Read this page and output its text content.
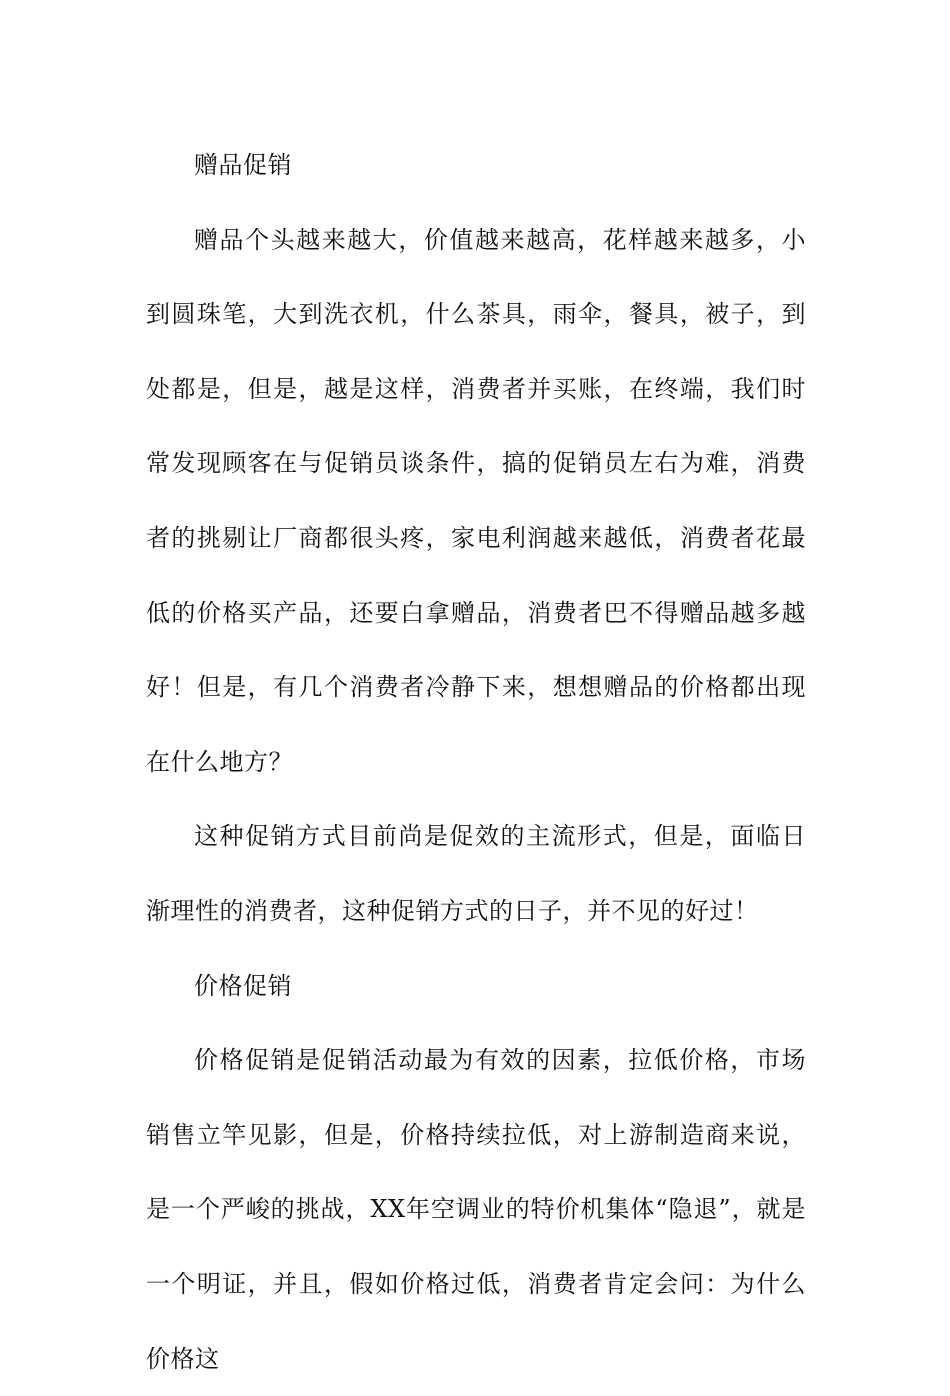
赠品促销

赠品个头越来越大，价值越来越高，花样越来越多，小到圆珠笔，大到洗衣机，什么茶具，雨伞，餐具，被子，到处都是，但是，越是这样，消费者并买账，在终端，我们时常发现顾客在与促销员谈条件，搞的促销员左右为难，消费者的挑剔让厂商都很头疼，家电利润越来越低，消费者花最低的价格买产品，还要白拿赠品，消费者巴不得赠品越多越好！但是，有几个消费者冷静下来，想想赠品的价格都出现在什么地方？

这种促销方式目前尚是促效的主流形式，但是，面临日渐理性的消费者，这种促销方式的日子，并不见的好过！

价格促销

价格促销是促销活动最为有效的因素，拉低价格，市场销售立竿见影，但是，价格持续拉低，对上游制造商来说，是一个严峻的挑战，XX年空调业的特价机集体“隐退”，就是一个明证，并且，假如价格过低，消费者肯定会问：为什么价格这
